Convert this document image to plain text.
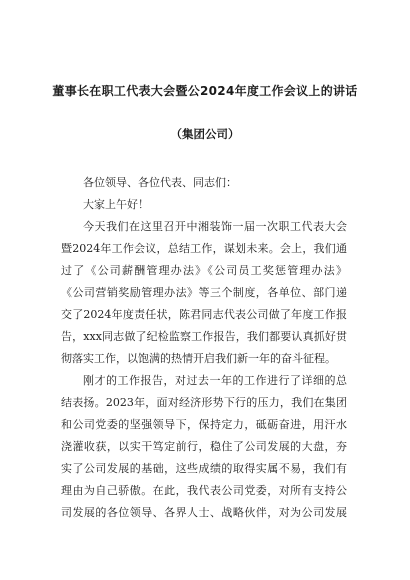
董事长在职工代表大会暨公2024年度工作会议上的讲话
（集团公司）
各位领导、各位代表、同志们：
大家上午好！
今天我们在这里召开中湘装饰一届一次职工代表大会
暨2024年工作会议，总结工作，谋划未来。会上，我们通
过了《公司薪酬管理办法》《公司员工奖惩管理办法》
《公司营销奖励管理办法》等三个制度，各单位、部门递
交了2024年度责任状，陈君同志代表公司做了年度工作报
告，xxx同志做了纪检监察工作报告，我们都要认真抓好贯
彻落实工作，以饱满的热情开启我们新一年的奋斗征程。
刚才的工作报告，对过去一年的工作进行了详细的总
结表扬。2023年，面对经济形势下行的压力，我们在集团
和公司党委的坚强领导下，保持定力，砥砺奋进，用汗水
浇灌收获，以实干笃定前行，稳住了公司发展的大盘，夯
实了公司发展的基础，这些成绩的取得实属不易，我们有
理由为自己骄傲。在此，我代表公司党委，对所有支持公
司发展的各位领导、各界人士、战略伙伴，对为公司发展
